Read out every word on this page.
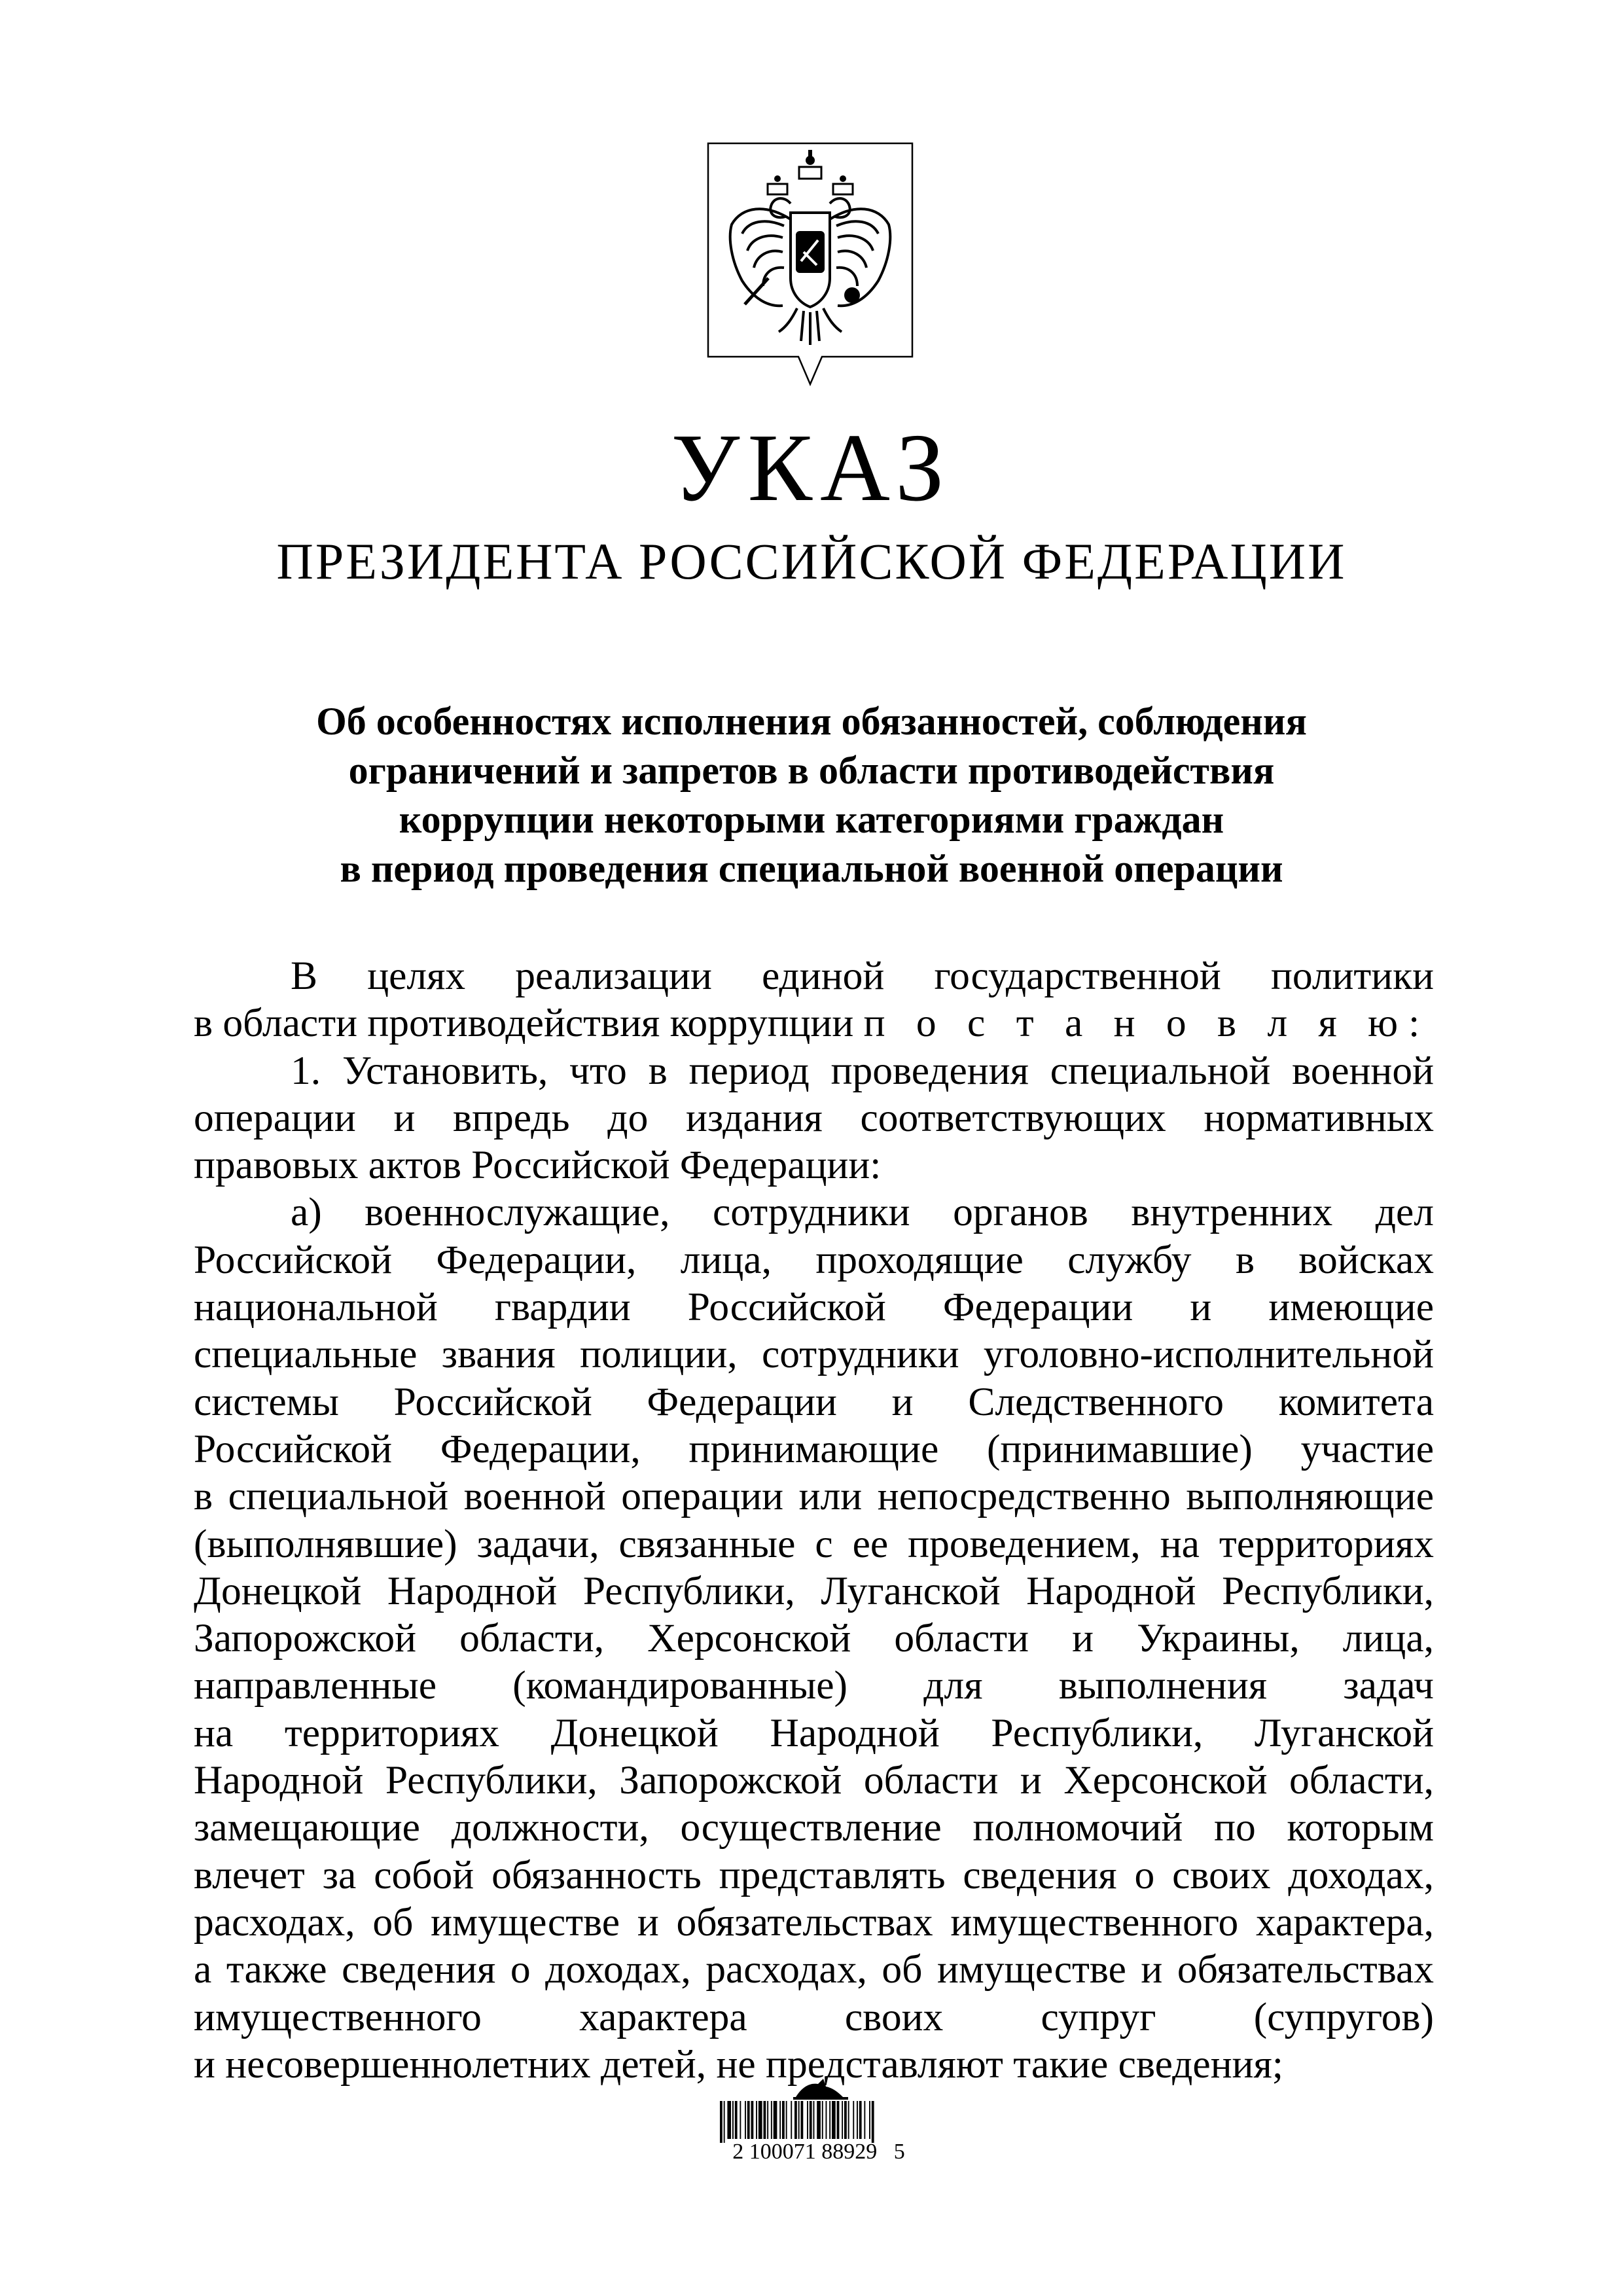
УКАЗ
ПРЕЗИДЕНТА РОССИЙСКОЙ ФЕДЕРАЦИИ
Об особенностях исполнения обязанностей, соблюдения
ограничений и запретов в области противодействия
коррупции некоторыми категориями граждан
в период проведения специальной военной операции
В целях реализации единой государственной политики
в области противодействия коррупции п о с т а н о в л я ю:
1. Установить, что в период проведения специальной военной
операции и впредь до издания соответствующих нормативных
правовых актов Российской Федерации:
а) военнослужащие, сотрудники органов внутренних дел
Российской Федерации, лица, проходящие службу в войсках
национальной гвардии Российской Федерации и имеющие
специальные звания полиции, сотрудники уголовно-исполнительной
системы Российской Федерации и Следственного комитета
Российской Федерации, принимающие (принимавшие) участие
в специальной военной операции или непосредственно выполняющие
(выполнявшие) задачи, связанные с ее проведением, на территориях
Донецкой Народной Республики, Луганской Народной Республики,
Запорожской области, Херсонской области и Украины, лица,
направленные (командированные) для выполнения задач
на территориях Донецкой Народной Республики, Луганской
Народной Республики, Запорожской области и Херсонской области,
замещающие должности, осуществление полномочий по которым
влечет за собой обязанность представлять сведения о своих доходах,
расходах, об имуществе и обязательствах имущественного характера,
а также сведения о доходах, расходах, об имуществе и обязательствах
имущественного характера своих супруг (супругов)
и несовершеннолетних детей, не представляют такие сведения;
2 100071 88929   5
